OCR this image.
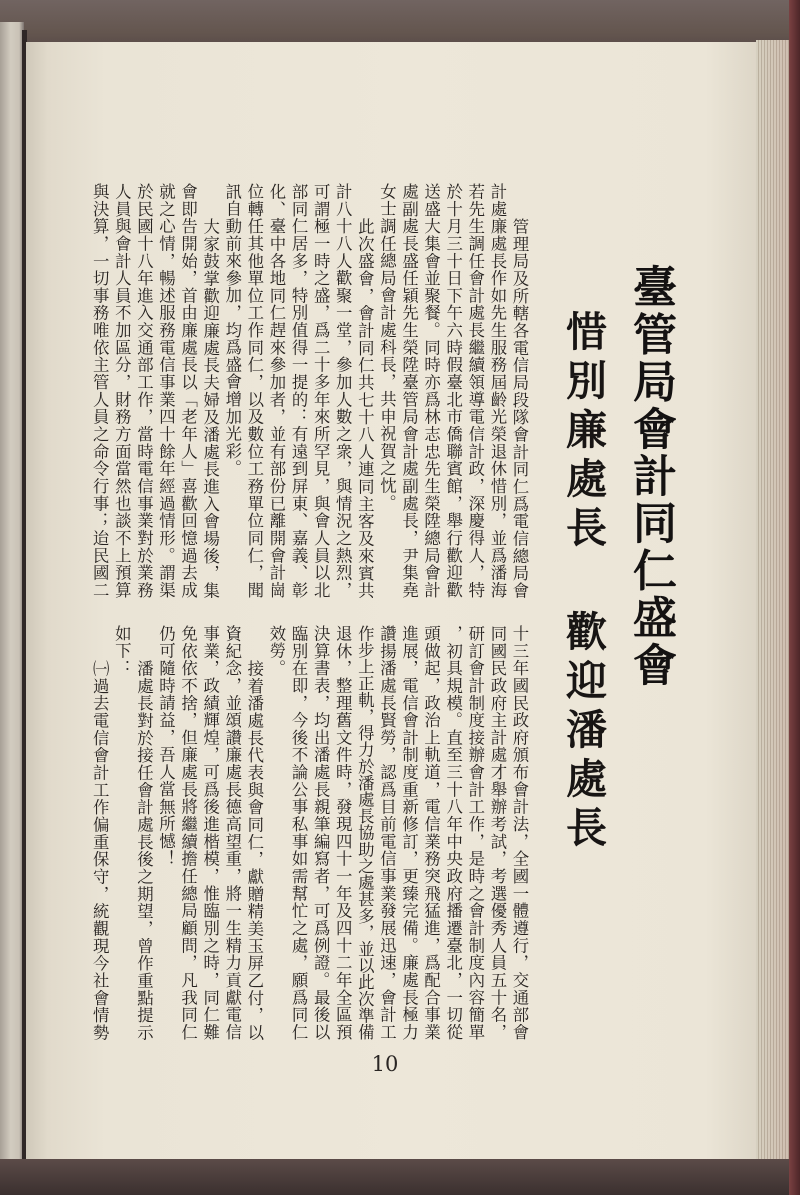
臺管局會計同仁盛會
惜別廉處長
歡迎潘處長
管理局及所轄各電信局段隊會計同仁爲電信總局會
計處廉處長作如先生服務屆齡光榮退休惜別，並爲潘海
若先生調任會計處長繼續領導電信計政，深慶得人，特
於十月三十日下午六時假臺北市僑聯賓館，舉行歡迎歡
送盛大集會並聚餐。同時亦爲林志忠先生榮陞總局會計
處副處長盛任穎先生榮陞臺管局會計處副處長，尹集堯
女士調任總局會計處科長，共申祝賀之忱。
此次盛會，會計同仁共七十八人連同主客及來賓共
計八十八人歡聚一堂，參加人數之衆，與情況之熱烈，
可謂極一時之盛，爲二十多年來所罕見，與會人員以北
部同仁居多，特別值得一提的：有遠到屏東、嘉義、彰
化、臺中各地同仁趕來參加者，並有部份已離開會計崗
位轉任其他單位工作同仁，以及數位工務單位同仁，聞
訊自動前來參加，均爲盛會增加光彩。
大家鼓掌歡迎廉處長夫婦及潘處長進入會場後，集
會即告開始，首由廉處長以「老年人」喜歡回憶過去成
就之心情，暢述服務電信事業四十餘年經過情形。謂渠
於民國十八年進入交通部工作，當時電信事業對於業務
人員與會計人員不加區分，財務方面當然也談不上預算
與決算，一切事務唯依主管人員之命令行事；迨民國二
十三年國民政府頒布會計法，全國一體遵行，交通部會
同國民政府主計處才舉辦考試，考選優秀人員五十名，
研訂會計制度接辦會計工作，是時之會計制度內容簡單
，初具規模。直至三十八年中央政府播遷臺北，一切從
頭做起，政治上軌道，電信業務突飛猛進，爲配合事業
進展，電信會計制度重新修訂，更臻完備。廉處長極力
讚揚潘處長賢勞，認爲目前電信事業發展迅速，會計工
作步上正軌，得力於潘處長協助之處甚多，並以此次準備
退休，整理舊文件時，發現四十一年及四十二年全區預
決算書表，均出潘處長親筆編寫者，可爲例證。最後以
臨別在即，今後不論公事私事如需幫忙之處，願爲同仁
效勞。
接着潘處長代表與會同仁，獻贈精美玉屏乙付，以
資紀念，並頌讚廉處長德高望重，將一生精力貢獻電信
事業，政績輝煌，可爲後進楷模，惟臨別之時，同仁難
免依依不捨，但廉處長將繼續擔任總局顧問，凡我同仁
仍可隨時請益，吾人當無所憾！
潘處長對於接任會計處長後之期望，曾作重點提示
如下：
㈠過去電信會計工作偏重保守，統觀現今社會情勢
10
